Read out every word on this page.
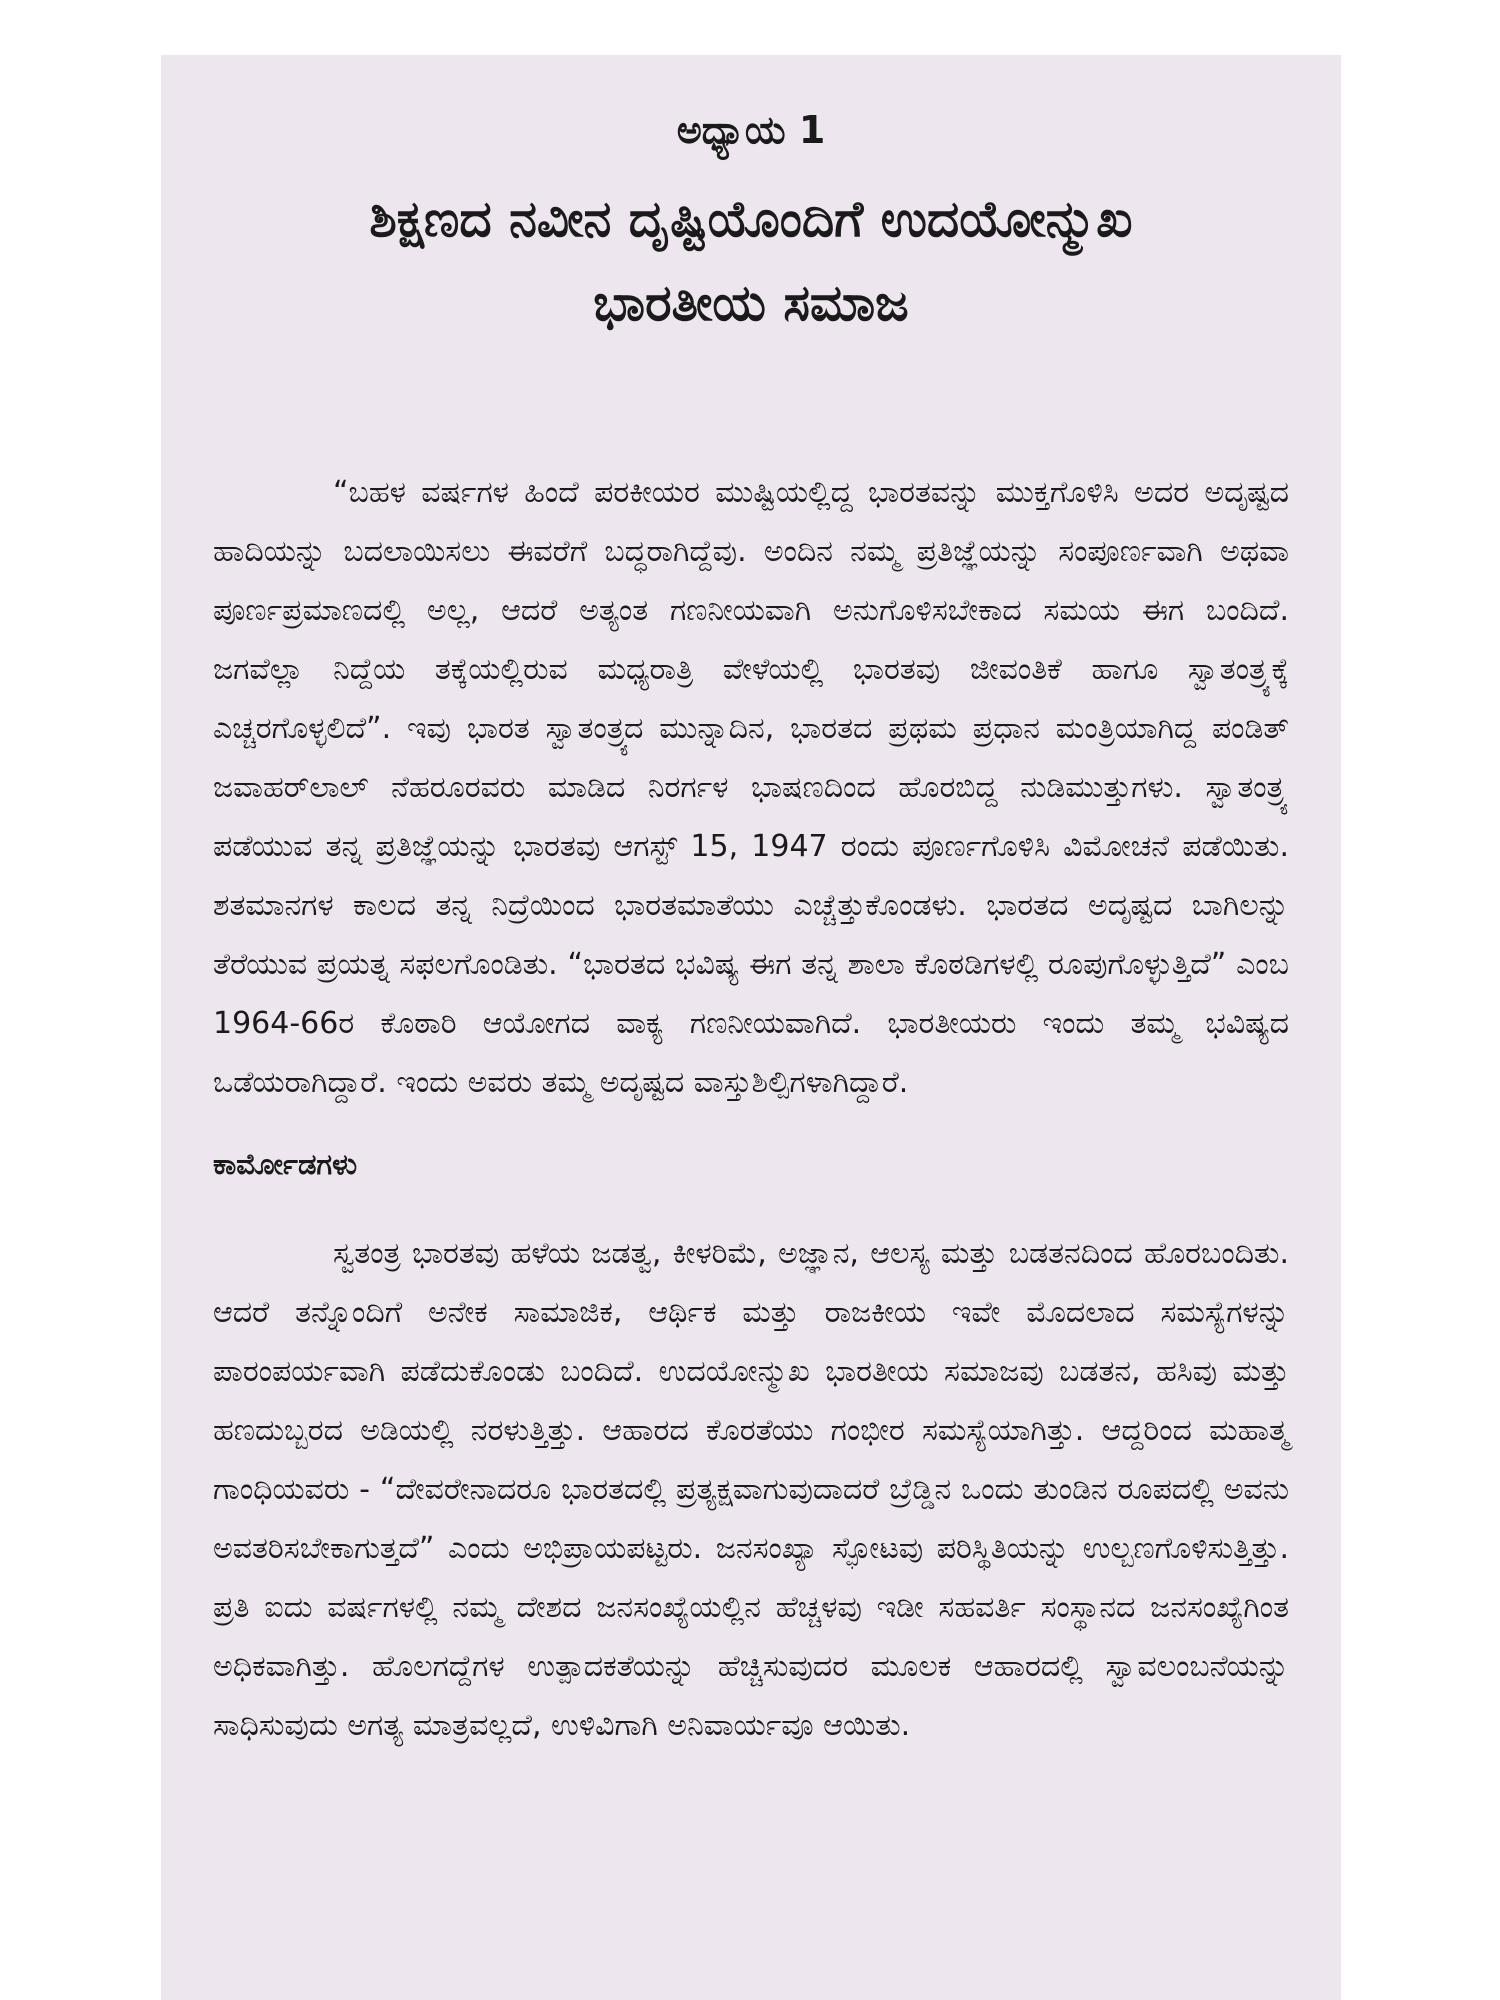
ಅಧ್ಯಾಯ 1
ಶಿಕ್ಷಣದ ನವೀನ ದೃಷ್ಟಿಯೊಂದಿಗೆ ಉದಯೋನ್ಮುಖ
ಭಾರತೀಯ ಸಮಾಜ

“ಬಹಳ ವರ್ಷಗಳ ಹಿಂದೆ ಪರಕೀಯರ ಮುಷ್ಟಿಯಲ್ಲಿದ್ದ ಭಾರತವನ್ನು ಮುಕ್ತಗೊಳಿಸಿ ಅದರ ಅದೃಷ್ಟದ ಹಾದಿಯನ್ನು ಬದಲಾಯಿಸಲು ಈವರೆಗೆ ಬದ್ಧರಾಗಿದ್ದೆವು. ಅಂದಿನ ನಮ್ಮ ಪ್ರತಿಜ್ಞೆಯನ್ನು ಸಂಪೂರ್ಣವಾಗಿ ಅಥವಾ ಪೂರ್ಣಪ್ರಮಾಣದಲ್ಲಿ ಅಲ್ಲ, ಆದರೆ ಅತ್ಯಂತ ಗಣನೀಯವಾಗಿ ಅನುಗೊಳಿಸಬೇಕಾದ ಸಮಯ ಈಗ ಬಂದಿದೆ. ಜಗವೆಲ್ಲಾ ನಿದ್ದೆಯ ತಕ್ಕೆಯಲ್ಲಿರುವ ಮಧ್ಯರಾತ್ರಿ ವೇಳೆಯಲ್ಲಿ ಭಾರತವು ಜೀವಂತಿಕೆ ಹಾಗೂ ಸ್ವಾತಂತ್ರ್ಯಕ್ಕೆ ಎಚ್ಚರಗೊಳ್ಳಲಿದೆ”. ಇವು ಭಾರತ ಸ್ವಾತಂತ್ರ್ಯದ ಮುನ್ನಾದಿನ, ಭಾರತದ ಪ್ರಥಮ ಪ್ರಧಾನ ಮಂತ್ರಿಯಾಗಿದ್ದ ಪಂಡಿತ್ ಜವಾಹರ್‌ಲಾಲ್ ನೆಹರೂರವರು ಮಾಡಿದ ನಿರರ್ಗಳ ಭಾಷಣದಿಂದ ಹೊರಬಿದ್ದ ನುಡಿಮುತ್ತುಗಳು. ಸ್ವಾತಂತ್ರ್ಯ ಪಡೆಯುವ ತನ್ನ ಪ್ರತಿಜ್ಞೆಯನ್ನು ಭಾರತವು ಆಗಸ್ಟ್ 15, 1947 ರಂದು ಪೂರ್ಣಗೊಳಿಸಿ ವಿಮೋಚನೆ ಪಡೆಯಿತು. ಶತಮಾನಗಳ ಕಾಲದ ತನ್ನ ನಿದ್ರೆಯಿಂದ ಭಾರತಮಾತೆಯು ಎಚ್ಚೆತ್ತುಕೊಂಡಳು. ಭಾರತದ ಅದೃಷ್ಟದ ಬಾಗಿಲನ್ನು ತೆರೆಯುವ ಪ್ರಯತ್ನ ಸಫಲಗೊಂಡಿತು. “ಭಾರತದ ಭವಿಷ್ಯ ಈಗ ತನ್ನ ಶಾಲಾ ಕೊಠಡಿಗಳಲ್ಲಿ ರೂಪುಗೊಳ್ಳುತ್ತಿದೆ” ಎಂಬ 1964-66ರ ಕೊಠಾರಿ ಆಯೋಗದ ವಾಕ್ಯ ಗಣನೀಯವಾಗಿದೆ. ಭಾರತೀಯರು ಇಂದು ತಮ್ಮ ಭವಿಷ್ಯದ ಒಡೆಯರಾಗಿದ್ದಾರೆ. ಇಂದು ಅವರು ತಮ್ಮ ಅದೃಷ್ಟದ ವಾಸ್ತುಶಿಲ್ಪಿಗಳಾಗಿದ್ದಾರೆ.

ಕಾರ್ಮೋಡಗಳು

ಸ್ವತಂತ್ರ ಭಾರತವು ಹಳೆಯ ಜಡತ್ವ, ಕೀಳರಿಮೆ, ಅಜ್ಞಾನ, ಆಲಸ್ಯ ಮತ್ತು ಬಡತನದಿಂದ ಹೊರಬಂದಿತು. ಆದರೆ ತನ್ನೊಂದಿಗೆ ಅನೇಕ ಸಾಮಾಜಿಕ, ಆರ್ಥಿಕ ಮತ್ತು ರಾಜಕೀಯ ಇವೇ ಮೊದಲಾದ ಸಮಸ್ಯೆಗಳನ್ನು ಪಾರಂಪರ್ಯವಾಗಿ ಪಡೆದುಕೊಂಡು ಬಂದಿದೆ. ಉದಯೋನ್ಮುಖ ಭಾರತೀಯ ಸಮಾಜವು ಬಡತನ, ಹಸಿವು ಮತ್ತು ಹಣದುಬ್ಬರದ ಅಡಿಯಲ್ಲಿ ನರಳುತ್ತಿತ್ತು. ಆಹಾರದ ಕೊರತೆಯು ಗಂಭೀರ ಸಮಸ್ಯೆಯಾಗಿತ್ತು. ಆದ್ದರಿಂದ ಮಹಾತ್ಮ ಗಾಂಧಿಯವರು - “ದೇವರೇನಾದರೂ ಭಾರತದಲ್ಲಿ ಪ್ರತ್ಯಕ್ಷವಾಗುವುದಾದರೆ ಬ್ರೆಡ್ಡಿನ ಒಂದು ತುಂಡಿನ ರೂಪದಲ್ಲಿ ಅವನು ಅವತರಿಸಬೇಕಾಗುತ್ತದೆ” ಎಂದು ಅಭಿಪ್ರಾಯಪಟ್ಟರು. ಜನಸಂಖ್ಯಾ ಸ್ಫೋಟವು ಪರಿಸ್ಥಿತಿಯನ್ನು ಉಲ್ಬಣಗೊಳಿಸುತ್ತಿತ್ತು. ಪ್ರತಿ ಐದು ವರ್ಷಗಳಲ್ಲಿ ನಮ್ಮ ದೇಶದ ಜನಸಂಖ್ಯೆಯಲ್ಲಿನ ಹೆಚ್ಚಳವು ಇಡೀ ಸಹವರ್ತಿ ಸಂಸ್ಥಾನದ ಜನಸಂಖ್ಯೆಗಿಂತ ಅಧಿಕವಾಗಿತ್ತು. ಹೊಲಗದ್ದೆಗಳ ಉತ್ಪಾದಕತೆಯನ್ನು ಹೆಚ್ಚಿಸುವುದರ ಮೂಲಕ ಆಹಾರದಲ್ಲಿ ಸ್ವಾವಲಂಬನೆಯನ್ನು ಸಾಧಿಸುವುದು ಅಗತ್ಯ ಮಾತ್ರವಲ್ಲದೆ, ಉಳಿವಿಗಾಗಿ ಅನಿವಾರ್ಯವೂ ಆಯಿತು.
